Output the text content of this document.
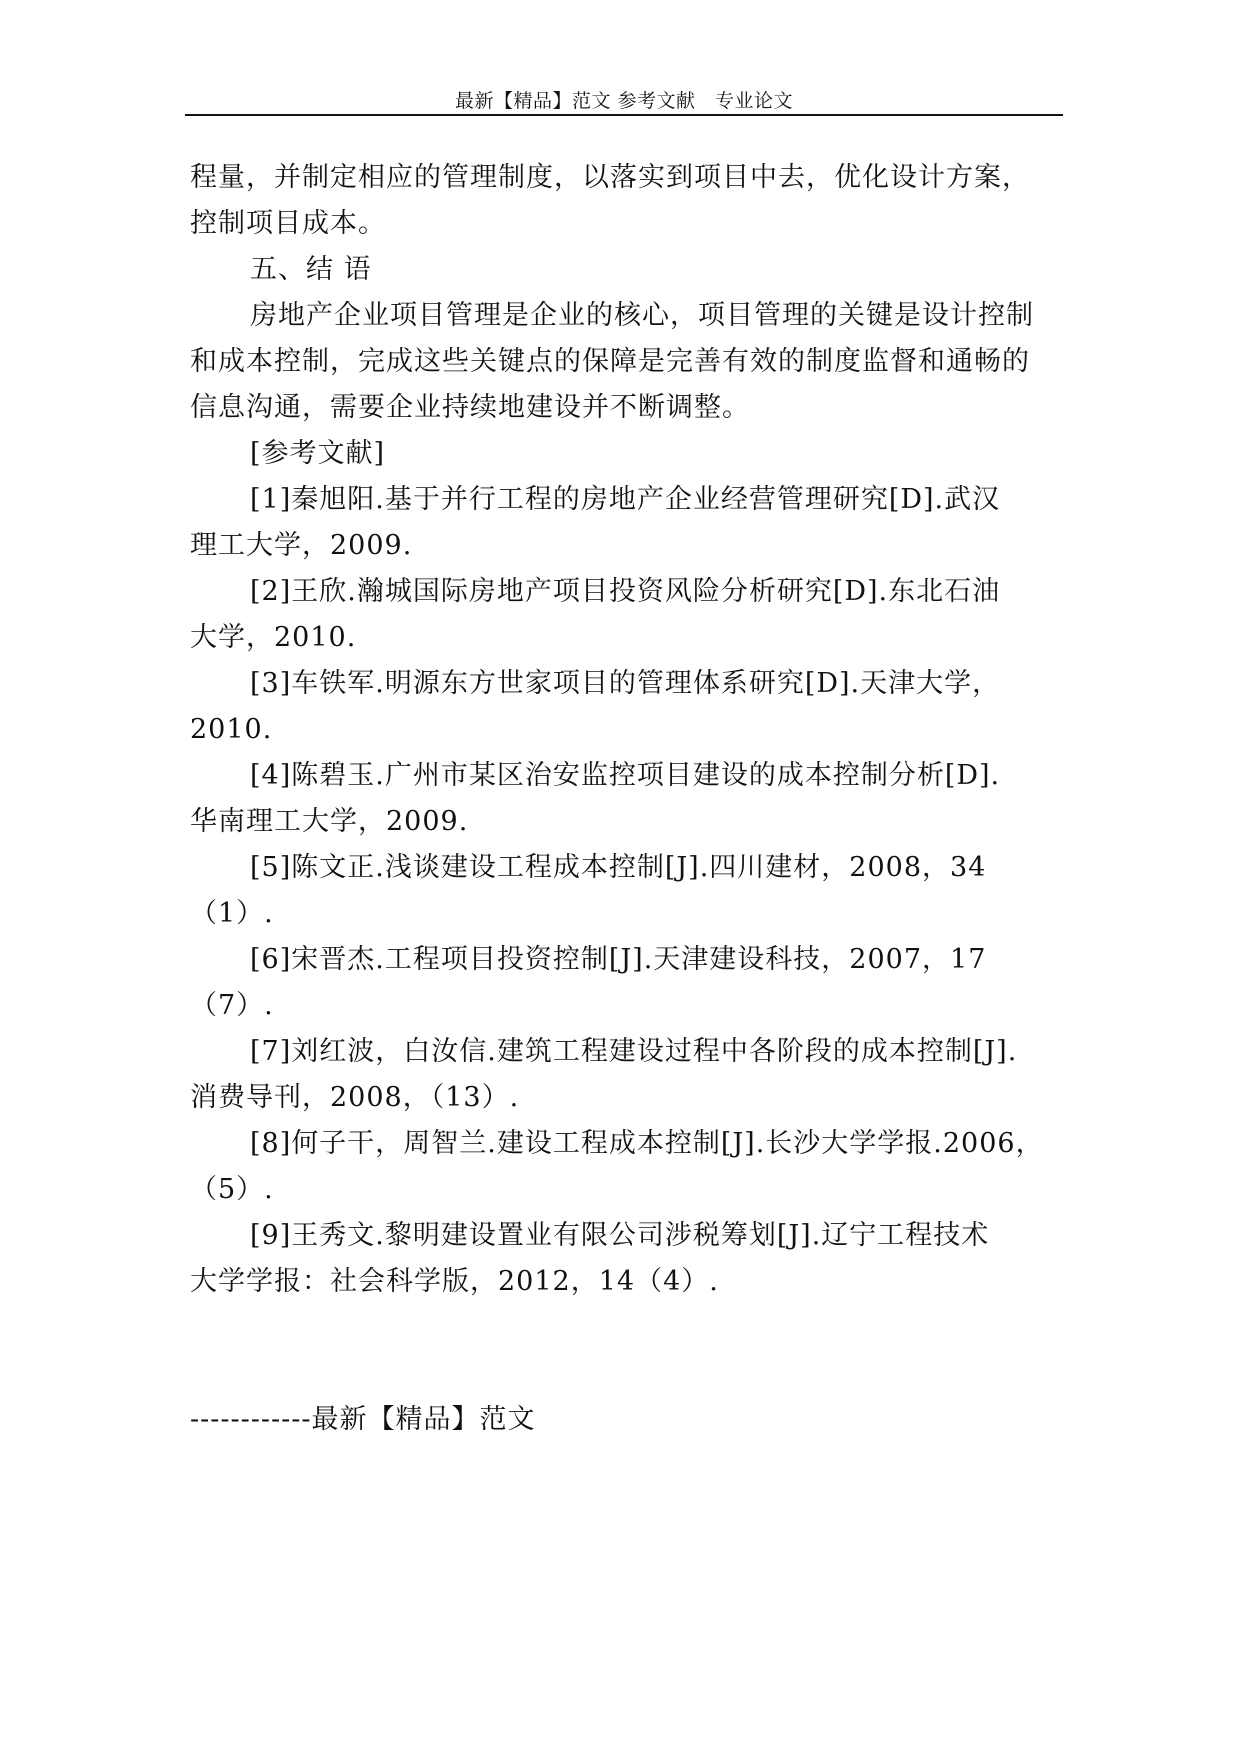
最新【精品】范文 参考文献　专业论文

程量，并制定相应的管理制度，以落实到项目中去，优化设计方案，

控制项目成本。

五、结 语

房地产企业项目管理是企业的核心，项目管理的关键是设计控制

和成本控制，完成这些关键点的保障是完善有效的制度监督和通畅的

信息沟通，需要企业持续地建设并不断调整。

[参考文献]

[1]秦旭阳.基于并行工程的房地产企业经营管理研究[D].武汉

理工大学，2009.

[2]王欣.瀚城国际房地产项目投资风险分析研究[D].东北石油

大学，2010.

[3]车铁军.明源东方世家项目的管理体系研究[D].天津大学，

2010.

[4]陈碧玉.广州市某区治安监控项目建设的成本控制分析[D].

华南理工大学，2009.

[5]陈文正.浅谈建设工程成本控制[J].四川建材，2008，34

（1）.

[6]宋晋杰.工程项目投资控制[J].天津建设科技，2007，17

（7）.

[7]刘红波，白汝信.建筑工程建设过程中各阶段的成本控制[J].

消费导刊，2008，（13）.

[8]何子干，周智兰.建设工程成本控制[J].长沙大学学报.2006，

（5）.

[9]王秀文.黎明建设置业有限公司涉税筹划[J].辽宁工程技术

大学学报：社会科学版，2012，14（4）.

------------最新【精品】范文
